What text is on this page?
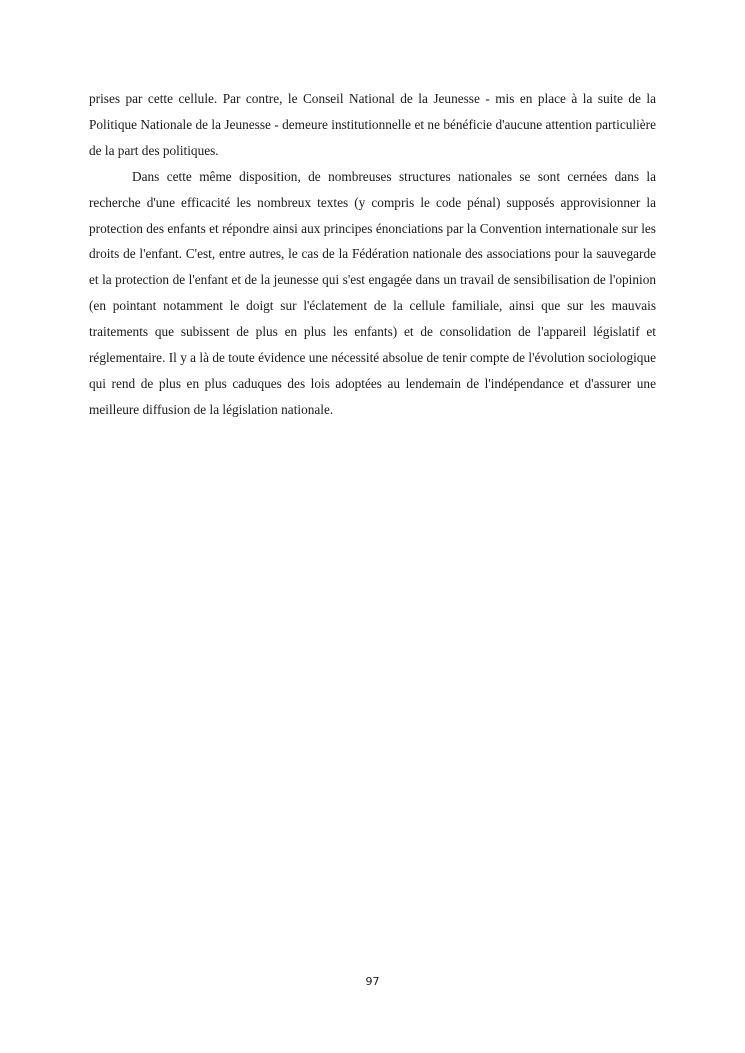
prises par cette cellule. Par contre, le Conseil National de la Jeunesse - mis en place à la suite de la Politique Nationale de la Jeunesse - demeure institutionnelle et ne bénéficie d'aucune attention particulière de la part des politiques.

Dans cette même disposition, de nombreuses structures nationales se sont cernées dans la recherche d'une efficacité les nombreux textes (y compris le code pénal) supposés approvisionner la protection des enfants et répondre ainsi aux principes énonciations par la Convention internationale sur les droits de l'enfant. C'est, entre autres, le cas de la Fédération nationale des associations pour la sauvegarde et la protection de l'enfant et de la jeunesse qui s'est engagée dans un travail de sensibilisation de l'opinion (en pointant notamment le doigt sur l'éclatement de la cellule familiale, ainsi que sur les mauvais traitements que subissent de plus en plus les enfants) et de consolidation de l'appareil législatif et réglementaire. Il y a là de toute évidence une nécessité absolue de tenir compte de l'évolution sociologique qui rend de plus en plus caduques des lois adoptées au lendemain de l'indépendance et d'assurer une meilleure diffusion de la législation nationale.

97
